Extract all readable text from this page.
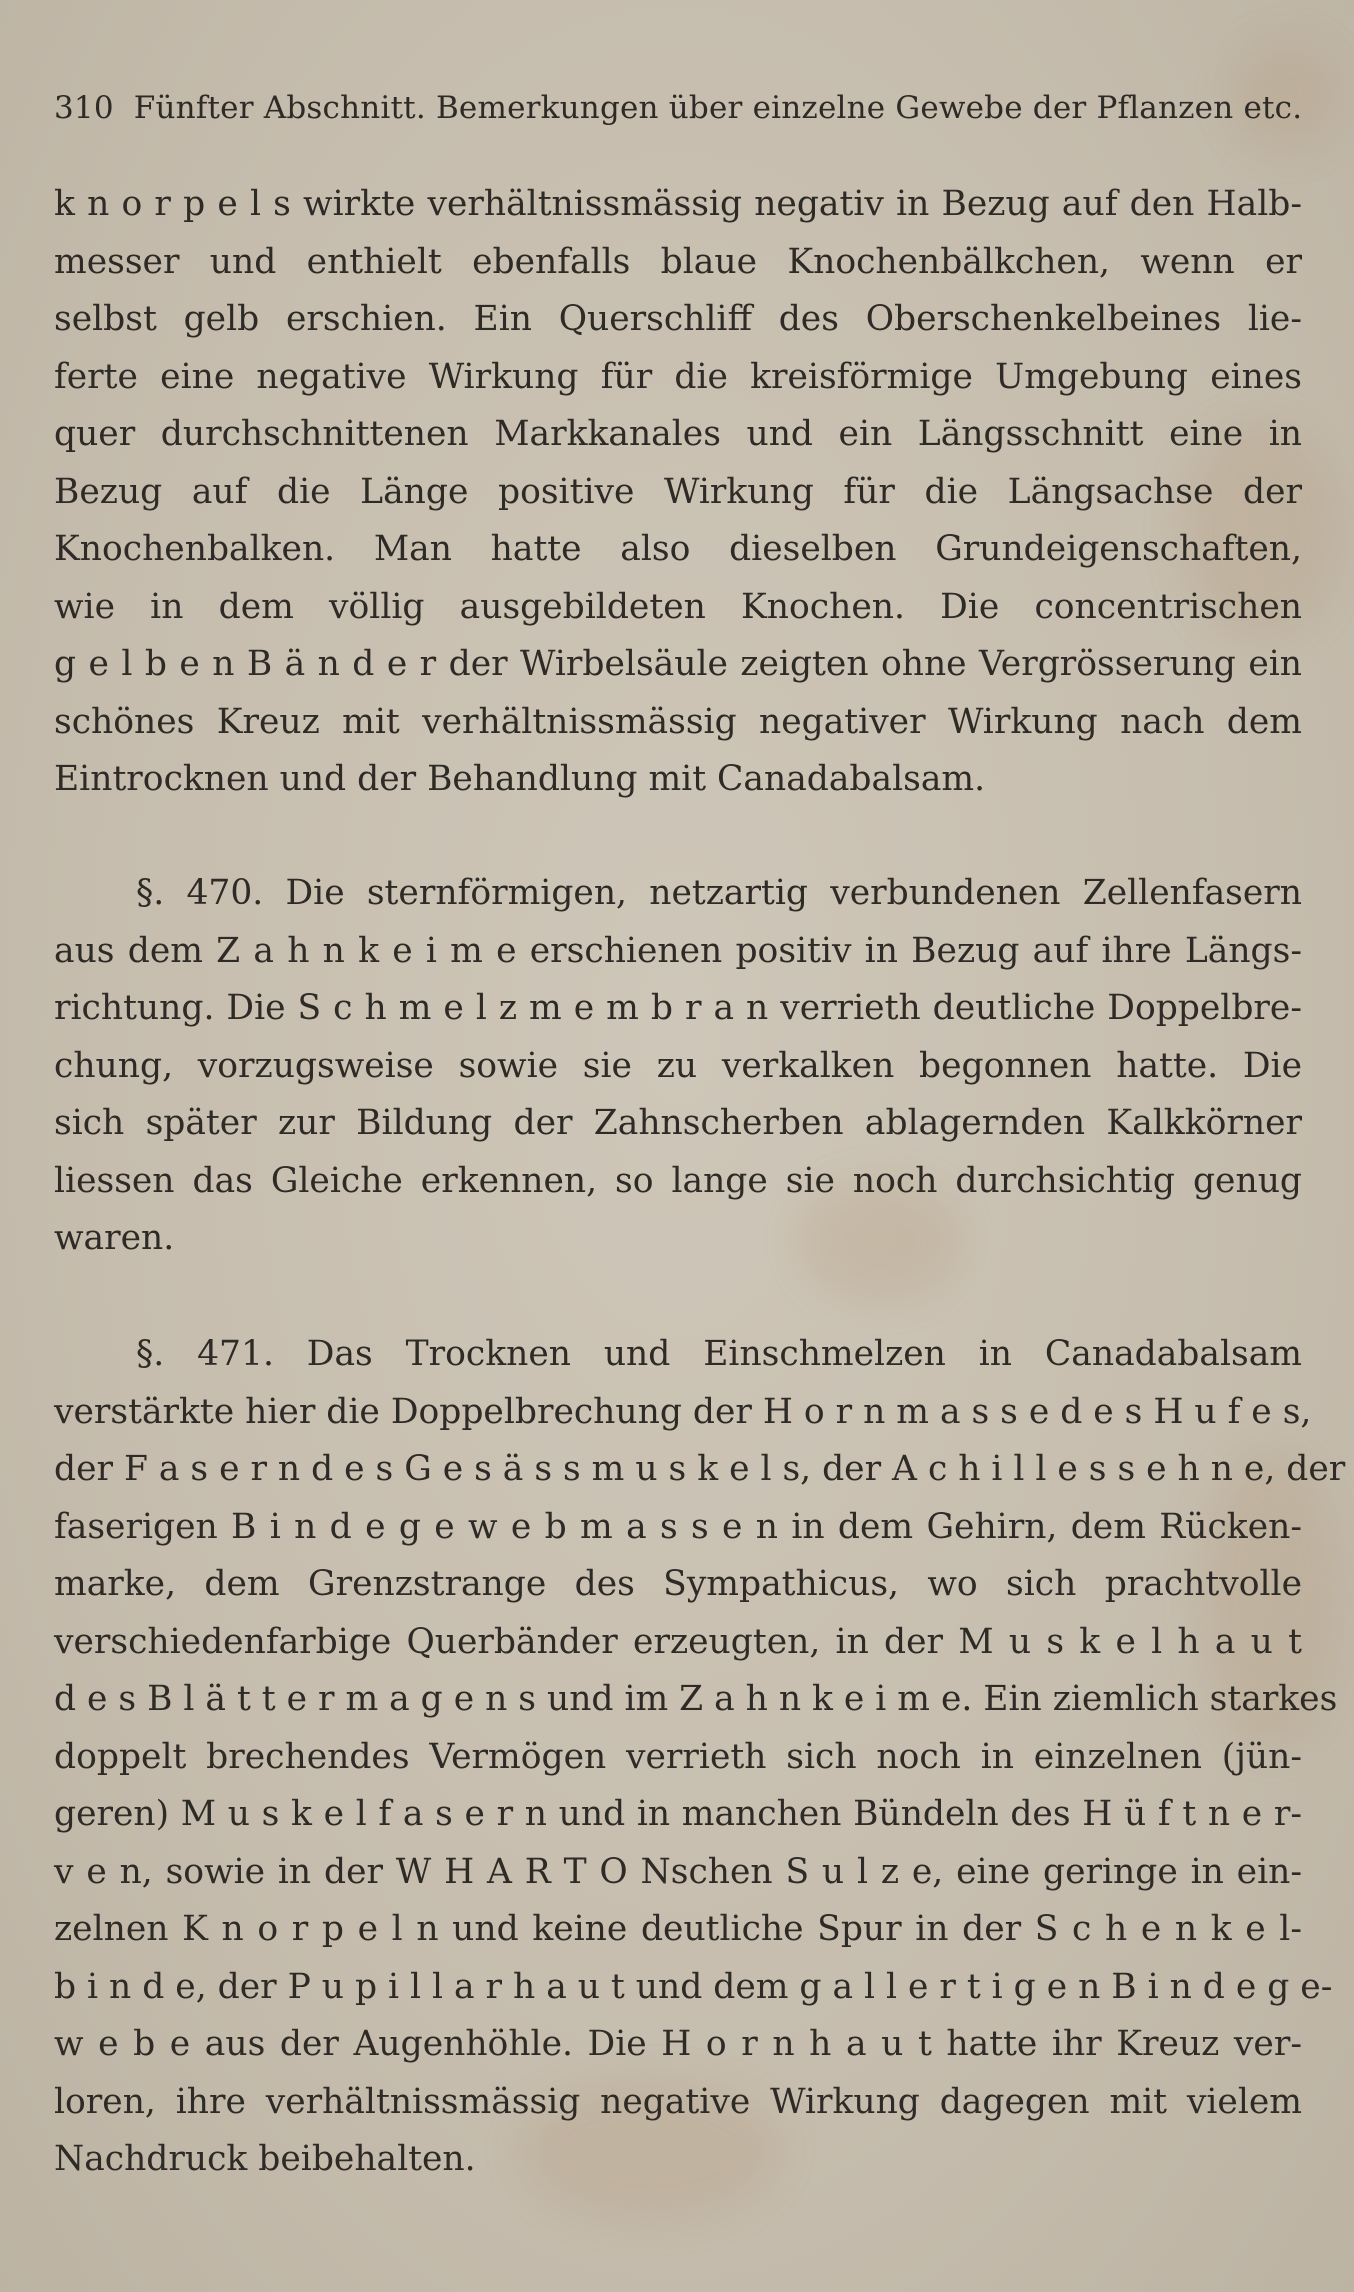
310 Fünfter Abschnitt. Bemerkungen über einzelne Gewebe der Pflanzen etc.
k n o r p e l s wirkte verhältnissmässig negativ in Bezug auf den Halb-
messer und enthielt ebenfalls blaue Knochenbälkchen, wenn er
selbst gelb erschien. Ein Querschliff des Oberschenkelbeines lie-
ferte eine negative Wirkung für die kreisförmige Umgebung eines
quer durchschnittenen Markkanales und ein Längsschnitt eine in
Bezug auf die Länge positive Wirkung für die Längsachse der
Knochenbalken. Man hatte also dieselben Grundeigenschaften,
wie in dem völlig ausgebildeten Knochen. Die concentrischen
g e l b e n B ä n d e r der Wirbelsäule zeigten ohne Vergrösserung ein
schönes Kreuz mit verhältnissmässig negativer Wirkung nach dem
Eintrocknen und der Behandlung mit Canadabalsam.
§. 470. Die sternförmigen, netzartig verbundenen Zellenfasern
aus dem Z a h n k e i m e erschienen positiv in Bezug auf ihre Längs-
richtung. Die S c h m e l z m e m b r a n verrieth deutliche Doppelbre-
chung, vorzugsweise sowie sie zu verkalken begonnen hatte. Die
sich später zur Bildung der Zahnscherben ablagernden Kalkkörner
liessen das Gleiche erkennen, so lange sie noch durchsichtig genug
waren.
§. 471. Das Trocknen und Einschmelzen in Canadabalsam
verstärkte hier die Doppelbrechung der H o r n m a s s e d e s H u f e s,
der F a s e r n d e s G e s ä s s m u s k e l s, der A c h i l l e s s e h n e, der
faserigen B i n d e g e w e b m a s s e n in dem Gehirn, dem Rücken-
marke, dem Grenzstrange des Sympathicus, wo sich prachtvolle
verschiedenfarbige Querbänder erzeugten, in der M u s k e l h a u t
d e s B l ä t t e r m a g e n s und im Z a h n k e i m e. Ein ziemlich starkes
doppelt brechendes Vermögen verrieth sich noch in einzelnen (jün-
geren) M u s k e l f a s e r n und in manchen Bündeln des H ü f t n e r-
v e n, sowie in der W H A R T O Nschen S u l z e, eine geringe in ein-
zelnen K n o r p e l n und keine deutliche Spur in der S c h e n k e l-
b i n d e, der P u p i l l a r h a u t und dem g a l l e r t i g e n B i n d e g e-
w e b e aus der Augenhöhle. Die H o r n h a u t hatte ihr Kreuz ver-
loren, ihre verhältnissmässig negative Wirkung dagegen mit vielem
Nachdruck beibehalten.
